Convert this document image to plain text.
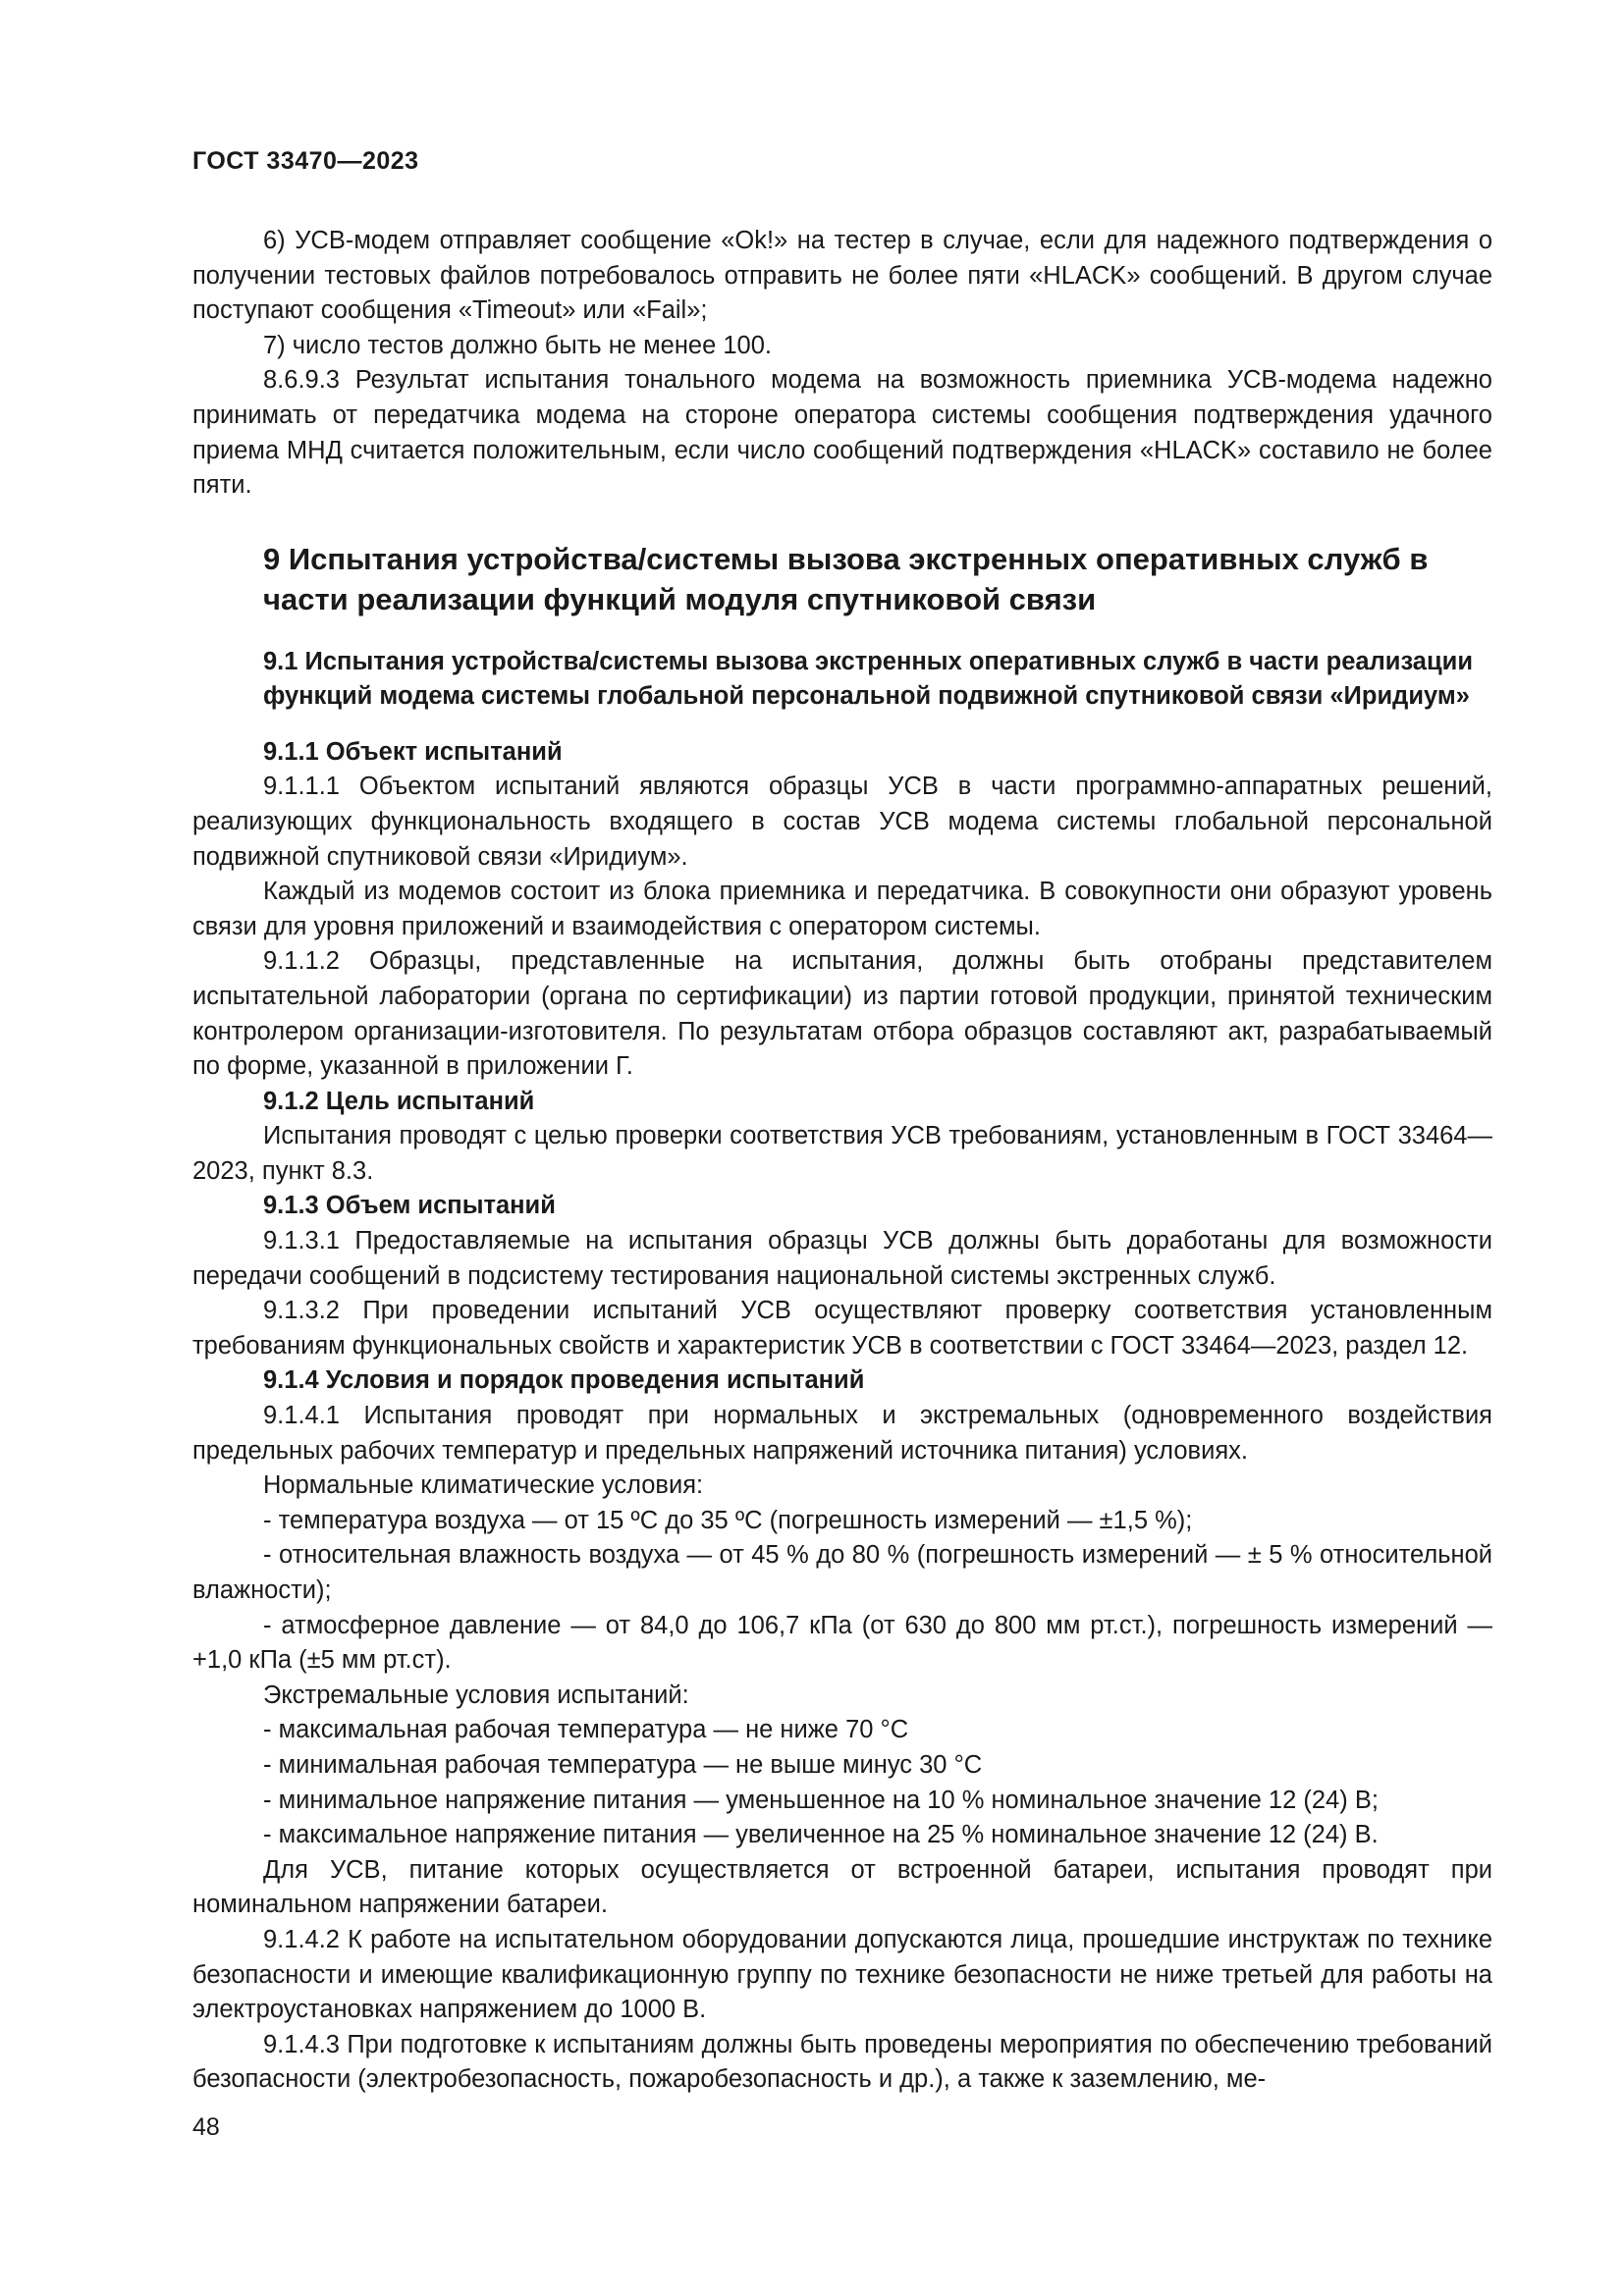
ГОСТ 33470—2023

6) УСВ-модем отправляет сообщение «Ok!» на тестер в случае, если для надежного подтверждения о получении тестовых файлов потребовалось отправить не более пяти «HLACK» сообщений. В другом случае поступают сообщения «Timeout» или «Fail»;

7) число тестов должно быть не менее 100.

8.6.9.3 Результат испытания тонального модема на возможность приемника УСВ-модема надежно принимать от передатчика модема на стороне оператора системы сообщения подтверждения удачного приема МНД считается положительным, если число сообщений подтверждения «HLACK» составило не более пяти.

9 Испытания устройства/системы вызова экстренных оперативных служб в части реализации функций модуля спутниковой связи
9.1 Испытания устройства/системы вызова экстренных оперативных служб в части реализации функций модема системы глобальной персональной подвижной спутниковой связи «Иридиум»

9.1.1 Объект испытаний

9.1.1.1 Объектом испытаний являются образцы УСВ в части программно-аппаратных решений, реализующих функциональность входящего в состав УСВ модема системы глобальной персональной подвижной спутниковой связи «Иридиум».

Каждый из модемов состоит из блока приемника и передатчика. В совокупности они образуют уровень связи для уровня приложений и взаимодействия с оператором системы.

9.1.1.2 Образцы, представленные на испытания, должны быть отобраны представителем испытательной лаборатории (органа по сертификации) из партии готовой продукции, принятой техническим контролером организации-изготовителя. По результатам отбора образцов составляют акт, разрабатываемый по форме, указанной в приложении Г.

9.1.2 Цель испытаний

Испытания проводят с целью проверки соответствия УСВ требованиям, установленным в ГОСТ 33464—2023, пункт 8.3.

9.1.3 Объем испытаний

9.1.3.1 Предоставляемые на испытания образцы УСВ должны быть доработаны для возможности передачи сообщений в подсистему тестирования национальной системы экстренных служб.

9.1.3.2 При проведении испытаний УСВ осуществляют проверку соответствия установленным требованиям функциональных свойств и характеристик УСВ в соответствии с ГОСТ 33464—2023, раздел 12.

9.1.4 Условия и порядок проведения испытаний

9.1.4.1 Испытания проводят при нормальных и экстремальных (одновременного воздействия предельных рабочих температур и предельных напряжений источника питания) условиях.

Нормальные климатические условия:

- температура воздуха — от 15 ºС до 35 ºС (погрешность измерений — ±1,5 %);

- относительная влажность воздуха — от 45 % до 80 % (погрешность измерений — ± 5 % относительной влажности);

- атмосферное давление — от 84,0 до 106,7 кПа (от 630 до 800 мм рт.ст.), погрешность измерений — +1,0 кПа (±5 мм рт.ст).

Экстремальные условия испытаний:

- максимальная рабочая температура — не ниже 70 °С

- минимальная рабочая температура — не выше минус 30 °С

- минимальное напряжение питания — уменьшенное на 10 % номинальное значение 12 (24) В;

- максимальное напряжение питания — увеличенное на 25 % номинальное значение 12 (24) В.

Для УСВ, питание которых осуществляется от встроенной батареи, испытания проводят при номинальном напряжении батареи.

9.1.4.2 К работе на испытательном оборудовании допускаются лица, прошедшие инструктаж по технике безопасности и имеющие квалификационную группу по технике безопасности не ниже третьей для работы на электроустановках напряжением до 1000 В.

9.1.4.3 При подготовке к испытаниям должны быть проведены мероприятия по обеспечению требований безопасности (электробезопасность, пожаробезопасность и др.), а также к заземлению, ме-

48
